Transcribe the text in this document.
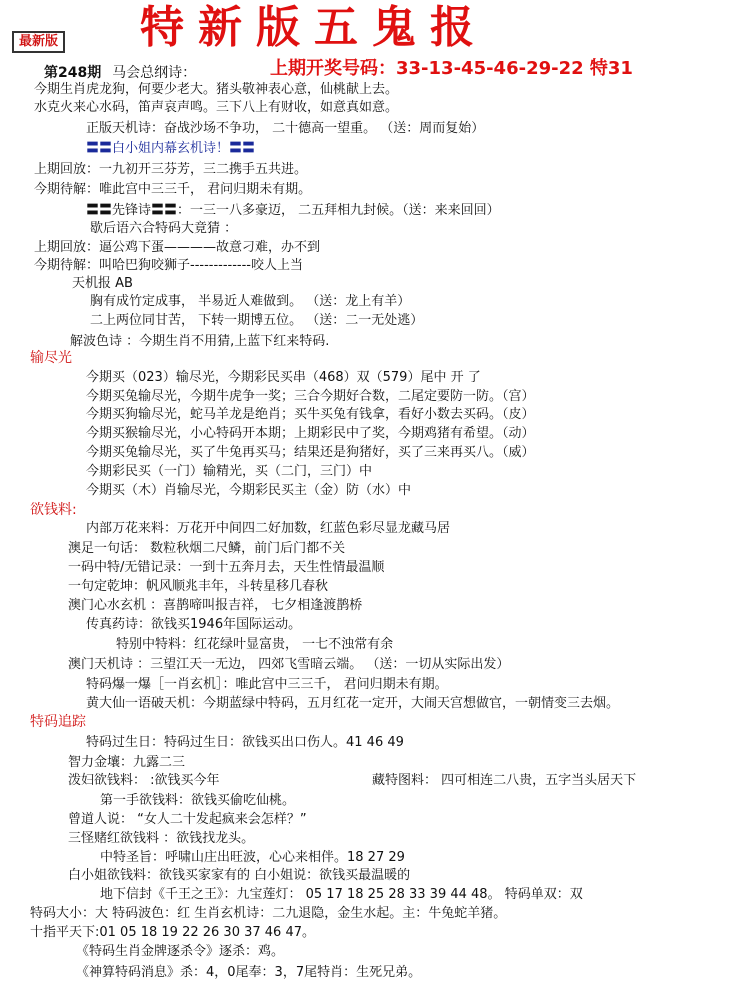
特新版五鬼报
最新版
第248期 马会总纲诗：	上期开奖号码：33-13-45-46-29-22 特31
今期生肖虎龙狗，何要少老大。猪头敬神表心意，仙桃献上去。
水克火来心水码，笛声哀声鸣。三下八上有财收，如意真如意。
正版天机诗：奋战沙场不争功， 二十德高一望重。 （送：周而复始）
〓〓白小姐内幕玄机诗！〓〓
上期回放：一九初开三芬芳，三二携手五共进。
今期待解：唯此宫中三三千， 君问归期未有期。
〓〓先锋诗〓〓：一三一八多豪迈， 二五拜相九封候。（送：来来回回）
歇后语六合特码大竟猜 ：
上期回放：逼公鸡下蛋————故意刁难，办不到
今期待解：叫哈巴狗咬狮子-------------咬人上当
天机报 AB
胸有成竹定成事， 半易近人难做到。 （送：龙上有羊）
二上两位同甘苦， 下转一期博五位。 （送：二一无处逃）
解波色诗 ：今期生肖不用猜,上蓝下红来特码.
输尽光
今期买（023）输尽光，今期彩民买串（468）双（579）尾中 开 了
今期买兔输尽光，今期牛虎争一奖；三合今期好合数，二尾定要防一防。（宫）
今期买狗输尽光，蛇马羊龙是绝肖；买牛买兔有钱拿，看好小数去买码。（皮）
今期买猴输尽光，小心特码开本期；上期彩民中了奖，今期鸡猪有希望。（动）
今期买兔输尽光，买了牛兔再买马；结果还是狗猪好，买了三来再买八。（威）
今期彩民买（一门）输精光，买（二门，三门）中
今期买（木）肖输尽光，今期彩民买主（金）防（水）中
欲钱料:
内部万花来料：万花开中间四二好加数，红蓝色彩尽显龙藏马居
澳足一句话： 数粒秋烟二尺鳞，前门后门都不关
一码中特/无错记录：一到十五奔月去，天生性情最温顺
一句定乾坤：帆风顺兆丰年，斗转星移几春秋
澳门心水玄机 ：喜鹊啼叫报吉祥， 七夕相逢渡鹊桥
传真药诗：欲钱买1946年国际运动。
特别中特料：红花绿叶显富贵， 一七不浊常有余
澳门天机诗 ：三望江天一无边， 四郊飞雪暗云端。 （送：一切从实际出发）
特码爆一爆［一肖玄机］：唯此宫中三三千， 君问归期未有期。
黄大仙一语破天机：今期蓝绿中特码，五月红花一定开，大闹天宫想做官，一朝情变三去烟。
特码追踪
特码过生日：特码过生日：欲钱买出口伤人。41 46 49
智力金壤：九露二三
泼妇欲钱料： :欲钱买今年	藏特图料： 四可相连二八贵，五字当头居天下
第一手欲钱料：欲钱买偷吃仙桃。
曾道人说： “女人二十发起疯来会怎样？”
三怪赌红欲钱料 ：欲钱找龙头。
中特圣旨：呼啸山庄出旺波，心心来相伴。18 27 29
白小姐欲钱料：欲钱买家家有的 白小姐说：欲钱买最温暖的
地下信封《千王之王》：九宝莲灯： 05 17 18 25 28 33 39 44 48。 特码单双：双
特码大小：大 特码波色：红 生肖玄机诗：二九退隐，金生水起。主：牛兔蛇羊猪。
十指平天下:01 05 18 19 22 26 30 37 46 47。
《特码生肖金牌逐杀令》逐杀：鸡。
《神算特码消息》杀：4，0尾奉：3，7尾特肖：生死兄弟。
